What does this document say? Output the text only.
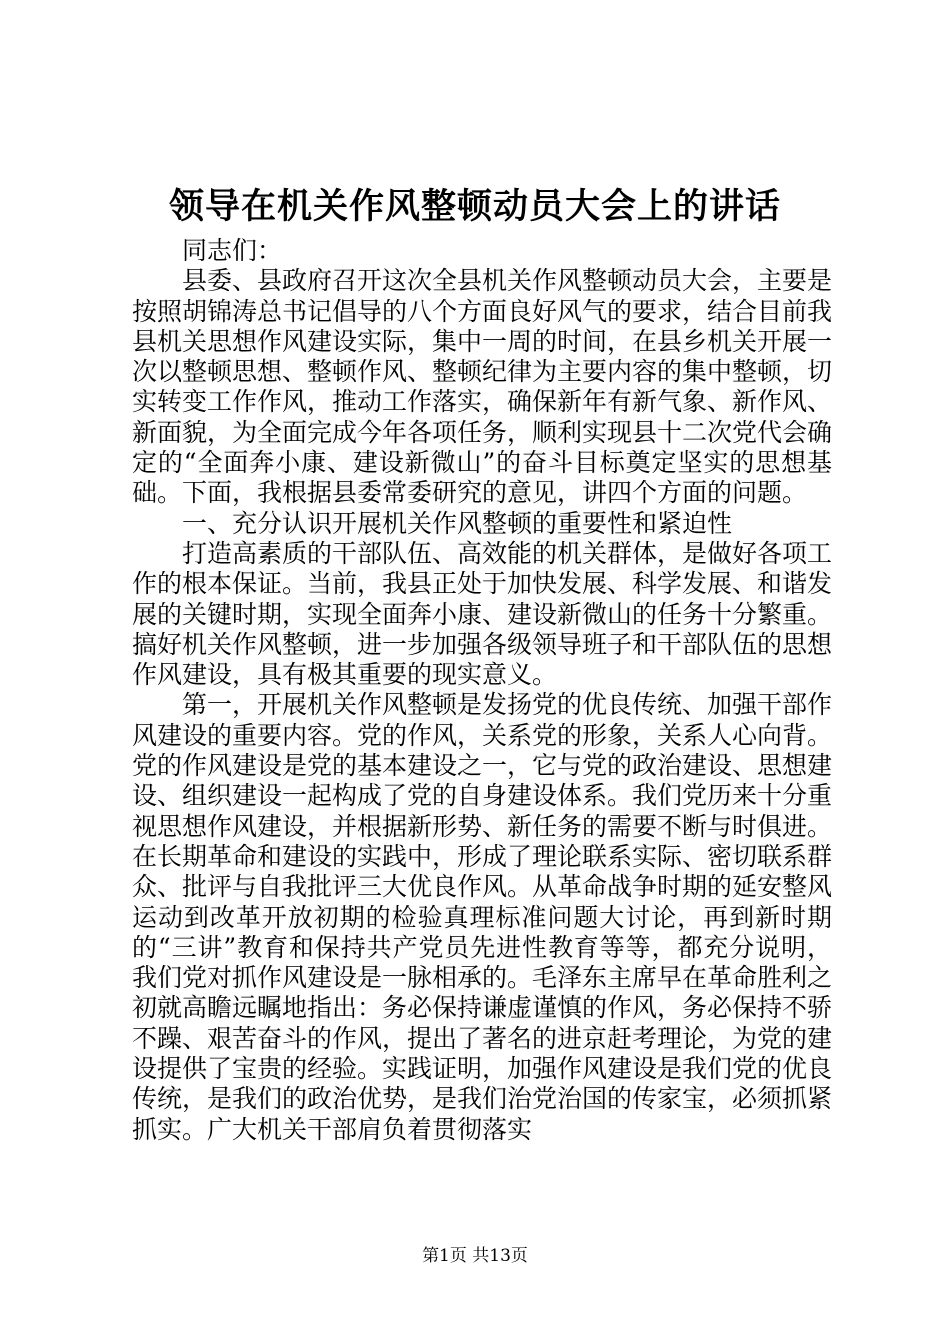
领导在机关作风整顿动员大会上的讲话

同志们：

县委、县政府召开这次全县机关作风整顿动员大会，主要是按照胡锦涛总书记倡导的八个方面良好风气的要求，结合目前我县机关思想作风建设实际，集中一周的时间，在县乡机关开展一次以整顿思想、整顿作风、整顿纪律为主要内容的集中整顿，切实转变工作作风，推动工作落实，确保新年有新气象、新作风、新面貌，为全面完成今年各项任务，顺利实现县十二次党代会确定的“全面奔小康、建设新微山”的奋斗目标奠定坚实的思想基础。下面，我根据县委常委研究的意见，讲四个方面的问题。

一、充分认识开展机关作风整顿的重要性和紧迫性

打造高素质的干部队伍、高效能的机关群体，是做好各项工作的根本保证。当前，我县正处于加快发展、科学发展、和谐发展的关键时期，实现全面奔小康、建设新微山的任务十分繁重。搞好机关作风整顿，进一步加强各级领导班子和干部队伍的思想作风建设，具有极其重要的现实意义。

第一，开展机关作风整顿是发扬党的优良传统、加强干部作风建设的重要内容。党的作风，关系党的形象，关系人心向背。党的作风建设是党的基本建设之一，它与党的政治建设、思想建设、组织建设一起构成了党的自身建设体系。我们党历来十分重视思想作风建设，并根据新形势、新任务的需要不断与时俱进。在长期革命和建设的实践中，形成了理论联系实际、密切联系群众、批评与自我批评三大优良作风。从革命战争时期的延安整风运动到改革开放初期的检验真理标准问题大讨论，再到新时期的“三讲”教育和保持共产党员先进性教育等等，都充分说明，我们党对抓作风建设是一脉相承的。毛泽东主席早在革命胜利之初就高瞻远瞩地指出：务必保持谦虚谨慎的作风，务必保持不骄不躁、艰苦奋斗的作风，提出了著名的进京赶考理论，为党的建设提供了宝贵的经验。实践证明，加强作风建设是我们党的优良传统，是我们的政治优势，是我们治党治国的传家宝，必须抓紧抓实。广大机关干部肩负着贯彻落实

第1页 共13页
